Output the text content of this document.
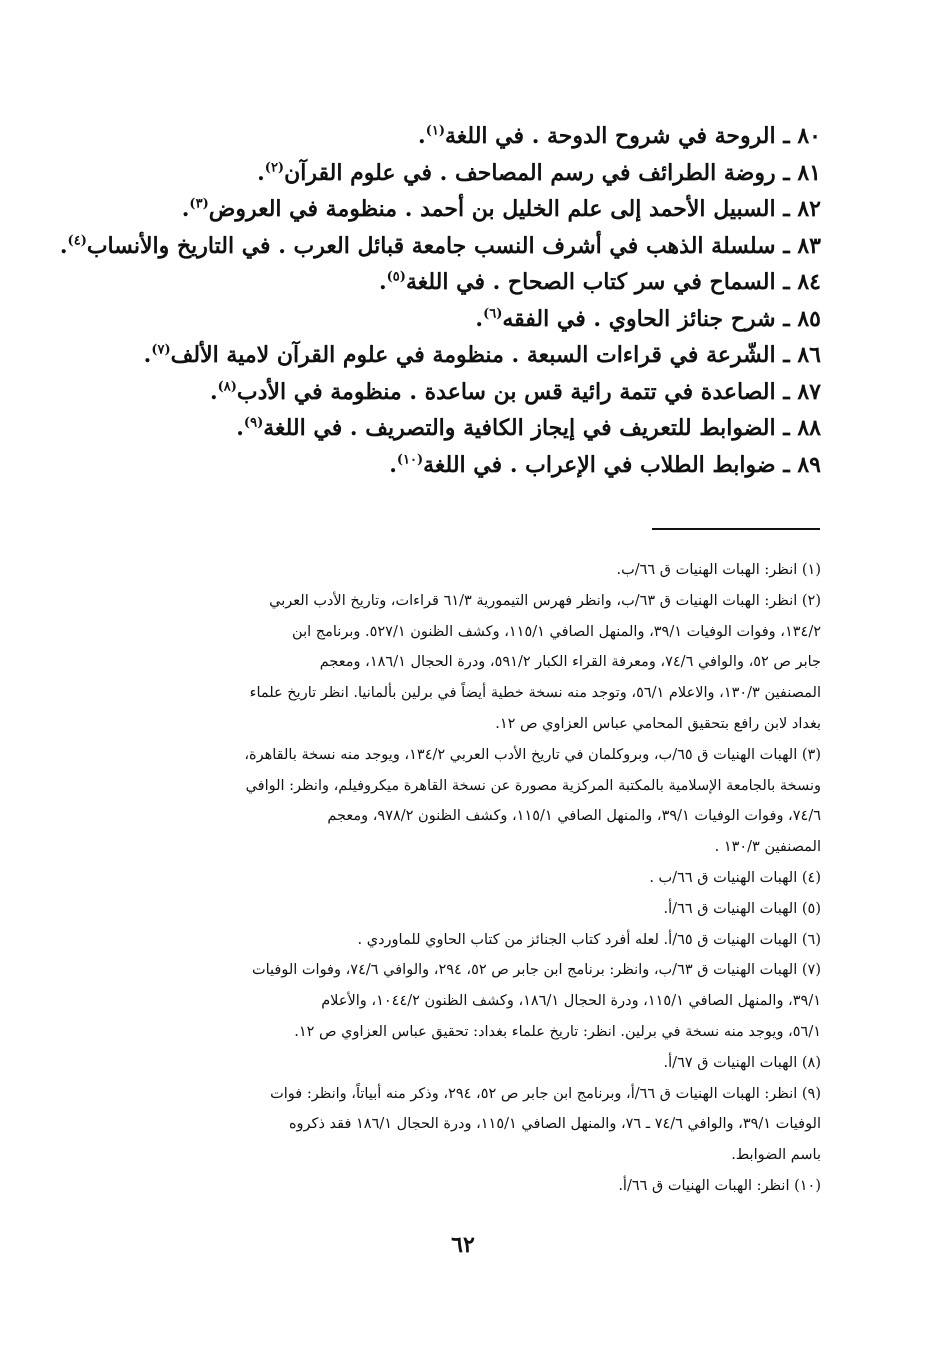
٨٠ ـ الروحة في شروح الدوحة . في اللغة$^{(١)}$.
٨١ ـ روضة الطرائف في رسم المصاحف . في علوم القرآن$^{(٢)}$.
٨٢ ـ السبيل الأحمد إلى علم الخليل بن أحمد . منظومة في العروض$^{(٣)}$.
٨٣ ـ سلسلة الذهب في أشرف النسب جامعة قبائل العرب . في التاريخ والأنساب$^{(٤)}$.
٨٤ ـ السماح في سر كتاب الصحاح . في اللغة$^{(٥)}$.
٨٥ ـ شرح جنائز الحاوي . في الفقه$^{(٦)}$.
٨٦ ـ الشّرعة في قراءات السبعة . منظومة في علوم القرآن لامية الألف$^{(٧)}$.
٨٧ ـ الصاعدة في تتمة رائية قس بن ساعدة . منظومة في الأدب$^{(٨)}$.
٨٨ ـ الضوابط للتعريف في إيجاز الكافية والتصريف . في اللغة$^{(٩)}$.
٨٩ ـ ضوابط الطلاب في الإعراب . في اللغة$^{(١٠)}$.
(١) انظر: الهبات الهنيات ق ٦٦/ب.
(٢) انظر: الهبات الهنيات ق ٦٣/ب، وانظر فهرس التيمورية ٦١/٣ قراءات، وتاريخ الأدب العربي
١٣٤/٢، وفوات الوفيات ٣٩/١، والمنهل الصافي ١١٥/١، وكشف الظنون ٥٢٧/١. وبرنامج ابن
جابر ص ٥٢، والوافي ٧٤/٦، ومعرفة القراء الكبار ٥٩١/٢، ودرة الحجال ١٨٦/١، ومعجم
المصنفين ١٣٠/٣، والاعلام ٥٦/١، وتوجد منه نسخة خطية أيضاً في برلين بألمانيا. انظر تاريخ علماء
بغداد لابن رافع بتحقيق المحامي عباس العزاوي ص ١٢.
(٣) الهبات الهنيات ق ٦٥/ب، وبروكلمان في تاريخ الأدب العربي ١٣٤/٢، ويوجد منه نسخة بالقاهرة،
ونسخة بالجامعة الإسلامية بالمكتبة المركزية مصورة عن نسخة القاهرة ميكروفيلم، وانظر: الوافي
٧٤/٦، وفوات الوفيات ٣٩/١، والمنهل الصافي ١١٥/١، وكشف الظنون ٩٧٨/٢، ومعجم
المصنفين ١٣٠/٣ .
(٤) الهبات الهنيات ق ٦٦/ب .
(٥) الهبات الهنيات ق ٦٦/أ.
(٦) الهبات الهنيات ق ٦٥/أ. لعله أفرد كتاب الجنائز من كتاب الحاوي للماوردي .
(٧) الهبات الهنيات ق ٦٣/ب، وانظر: برنامج ابن جابر ص ٥٢، ٢٩٤، والوافي ٧٤/٦، وفوات الوفيات
٣٩/١، والمنهل الصافي ١١٥/١، ودرة الحجال ١٨٦/١، وكشف الظنون ١٠٤٤/٢، والأعلام
٥٦/١، ويوجد منه نسخة في برلين. انظر: تاريخ علماء بغداد: تحقيق عباس العزاوي ص ١٢.
(٨) الهبات الهنيات ق ٦٧/أ.
(٩) انظر: الهبات الهنيات ق ٦٦/أ، وبرنامج ابن جابر ص ٥٢، ٢٩٤، وذكر منه أبياتاً، وانظر: فوات
الوفيات ٣٩/١، والوافي ٧٤/٦ ـ ٧٦، والمنهل الصافي ١١٥/١، ودرة الحجال ١٨٦/١ فقد ذكروه
باسم الضوابط.
(١٠) انظر: الهبات الهنيات ق ٦٦/أ.
٦٢
